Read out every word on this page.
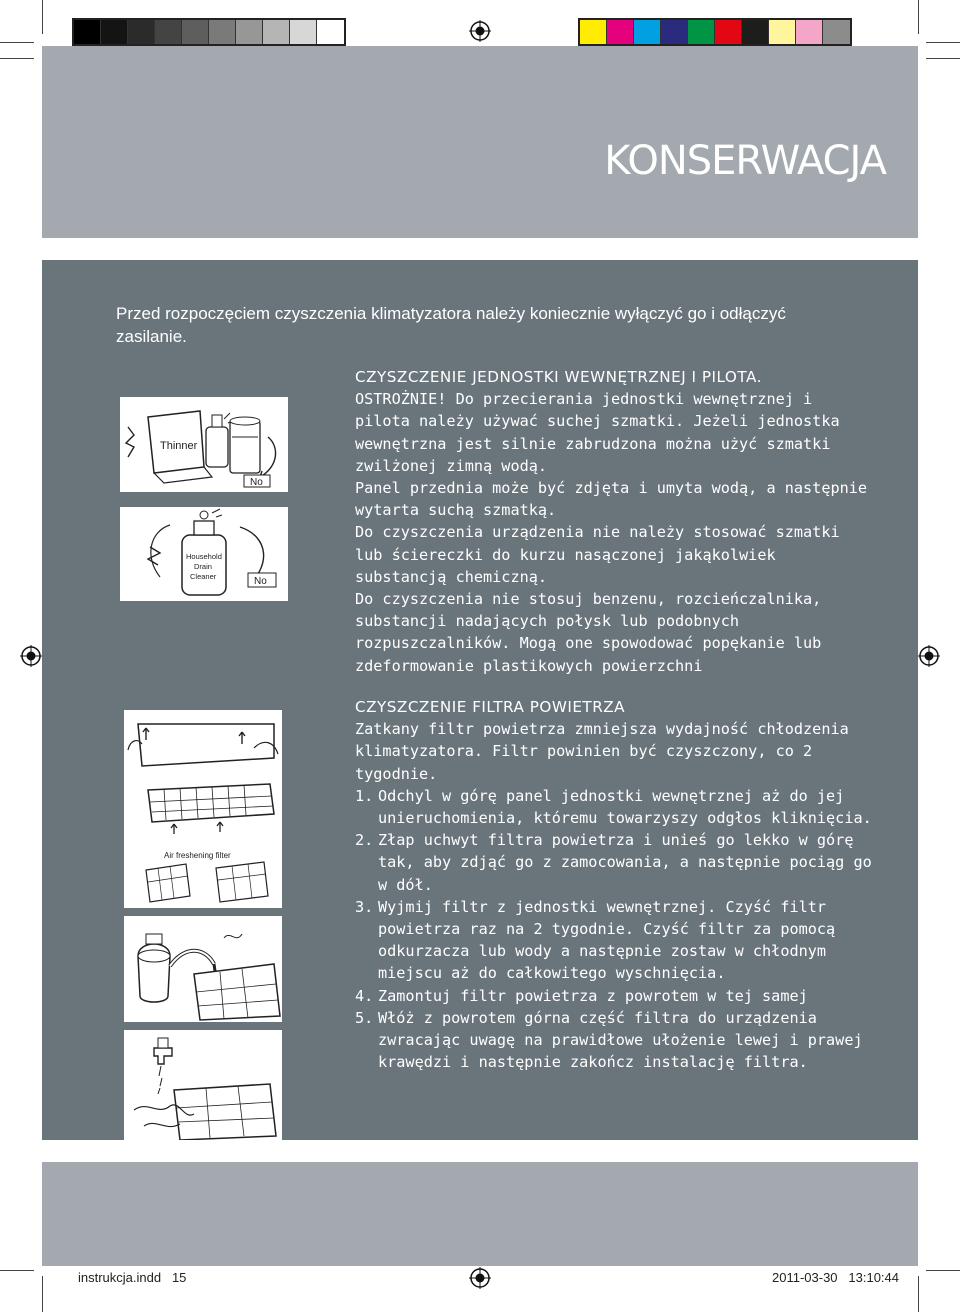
KONSERWACJA

Przed rozpoczęciem czyszczenia klimatyzatora należy koniecznie wyłączyć go i odłączyć zasilanie.

CZYSZCZENIE JEDNOSTKI WEWNĘTRZNEJ I PILOTA.

OSTROŻNIE! Do przecierania jednostki wewnętrznej i pilota należy używać suchej szmatki. Jeżeli jednostka wewnętrzna jest silnie zabrudzona można użyć szmatki zwilżonej zimną wodą.

Panel przednia może być zdjęta i umyta wodą, a następnie wytarta suchą szmatką.

Do czyszczenia urządzenia nie należy stosować szmatki lub ściereczki do kurzu nasączonej jakąkolwiek substancją chemiczną.

Do czyszczenia nie stosuj benzenu, rozcieńczalnika, substancji nadających połysk lub podobnych rozpuszczalników. Mogą one spowodować popękanie lub zdeformowanie plastikowych powierzchni

CZYSZCZENIE FILTRA POWIETRZA

Zatkany filtr powietrza zmniejsza wydajność chłodzenia klimatyzatora. Filtr powinien być czyszczony, co 2 tygodnie.

1. Odchyl w górę panel jednostki wewnętrznej aż do jej unieruchomienia, któremu towarzyszy odgłos kliknięcia.
2. Złap uchwyt filtra powietrza i unieś go lekko w górę tak, aby zdjąć go z zamocowania, a następnie pociąg go w dół.
3. Wyjmij filtr z jednostki wewnętrznej. Czyść filtr powietrza raz na 2 tygodnie. Czyść filtr za pomocą odkurzacza lub wody a następnie zostaw w chłodnym miejscu aż do całkowitego wyschnięcia.
4. Zamontuj filtr powietrza z powrotem w tej samej
5. Włóż z powrotem górna część filtra do urządzenia zwracając uwagę na prawidłowe ułożenie lewej i prawej krawędzi i następnie zakończ instalację filtra.
Thinner
No
Household
Drain
Cleaner	No
Air freshening filter
instrukcja.indd 15	2011-03-30 13:10:44
